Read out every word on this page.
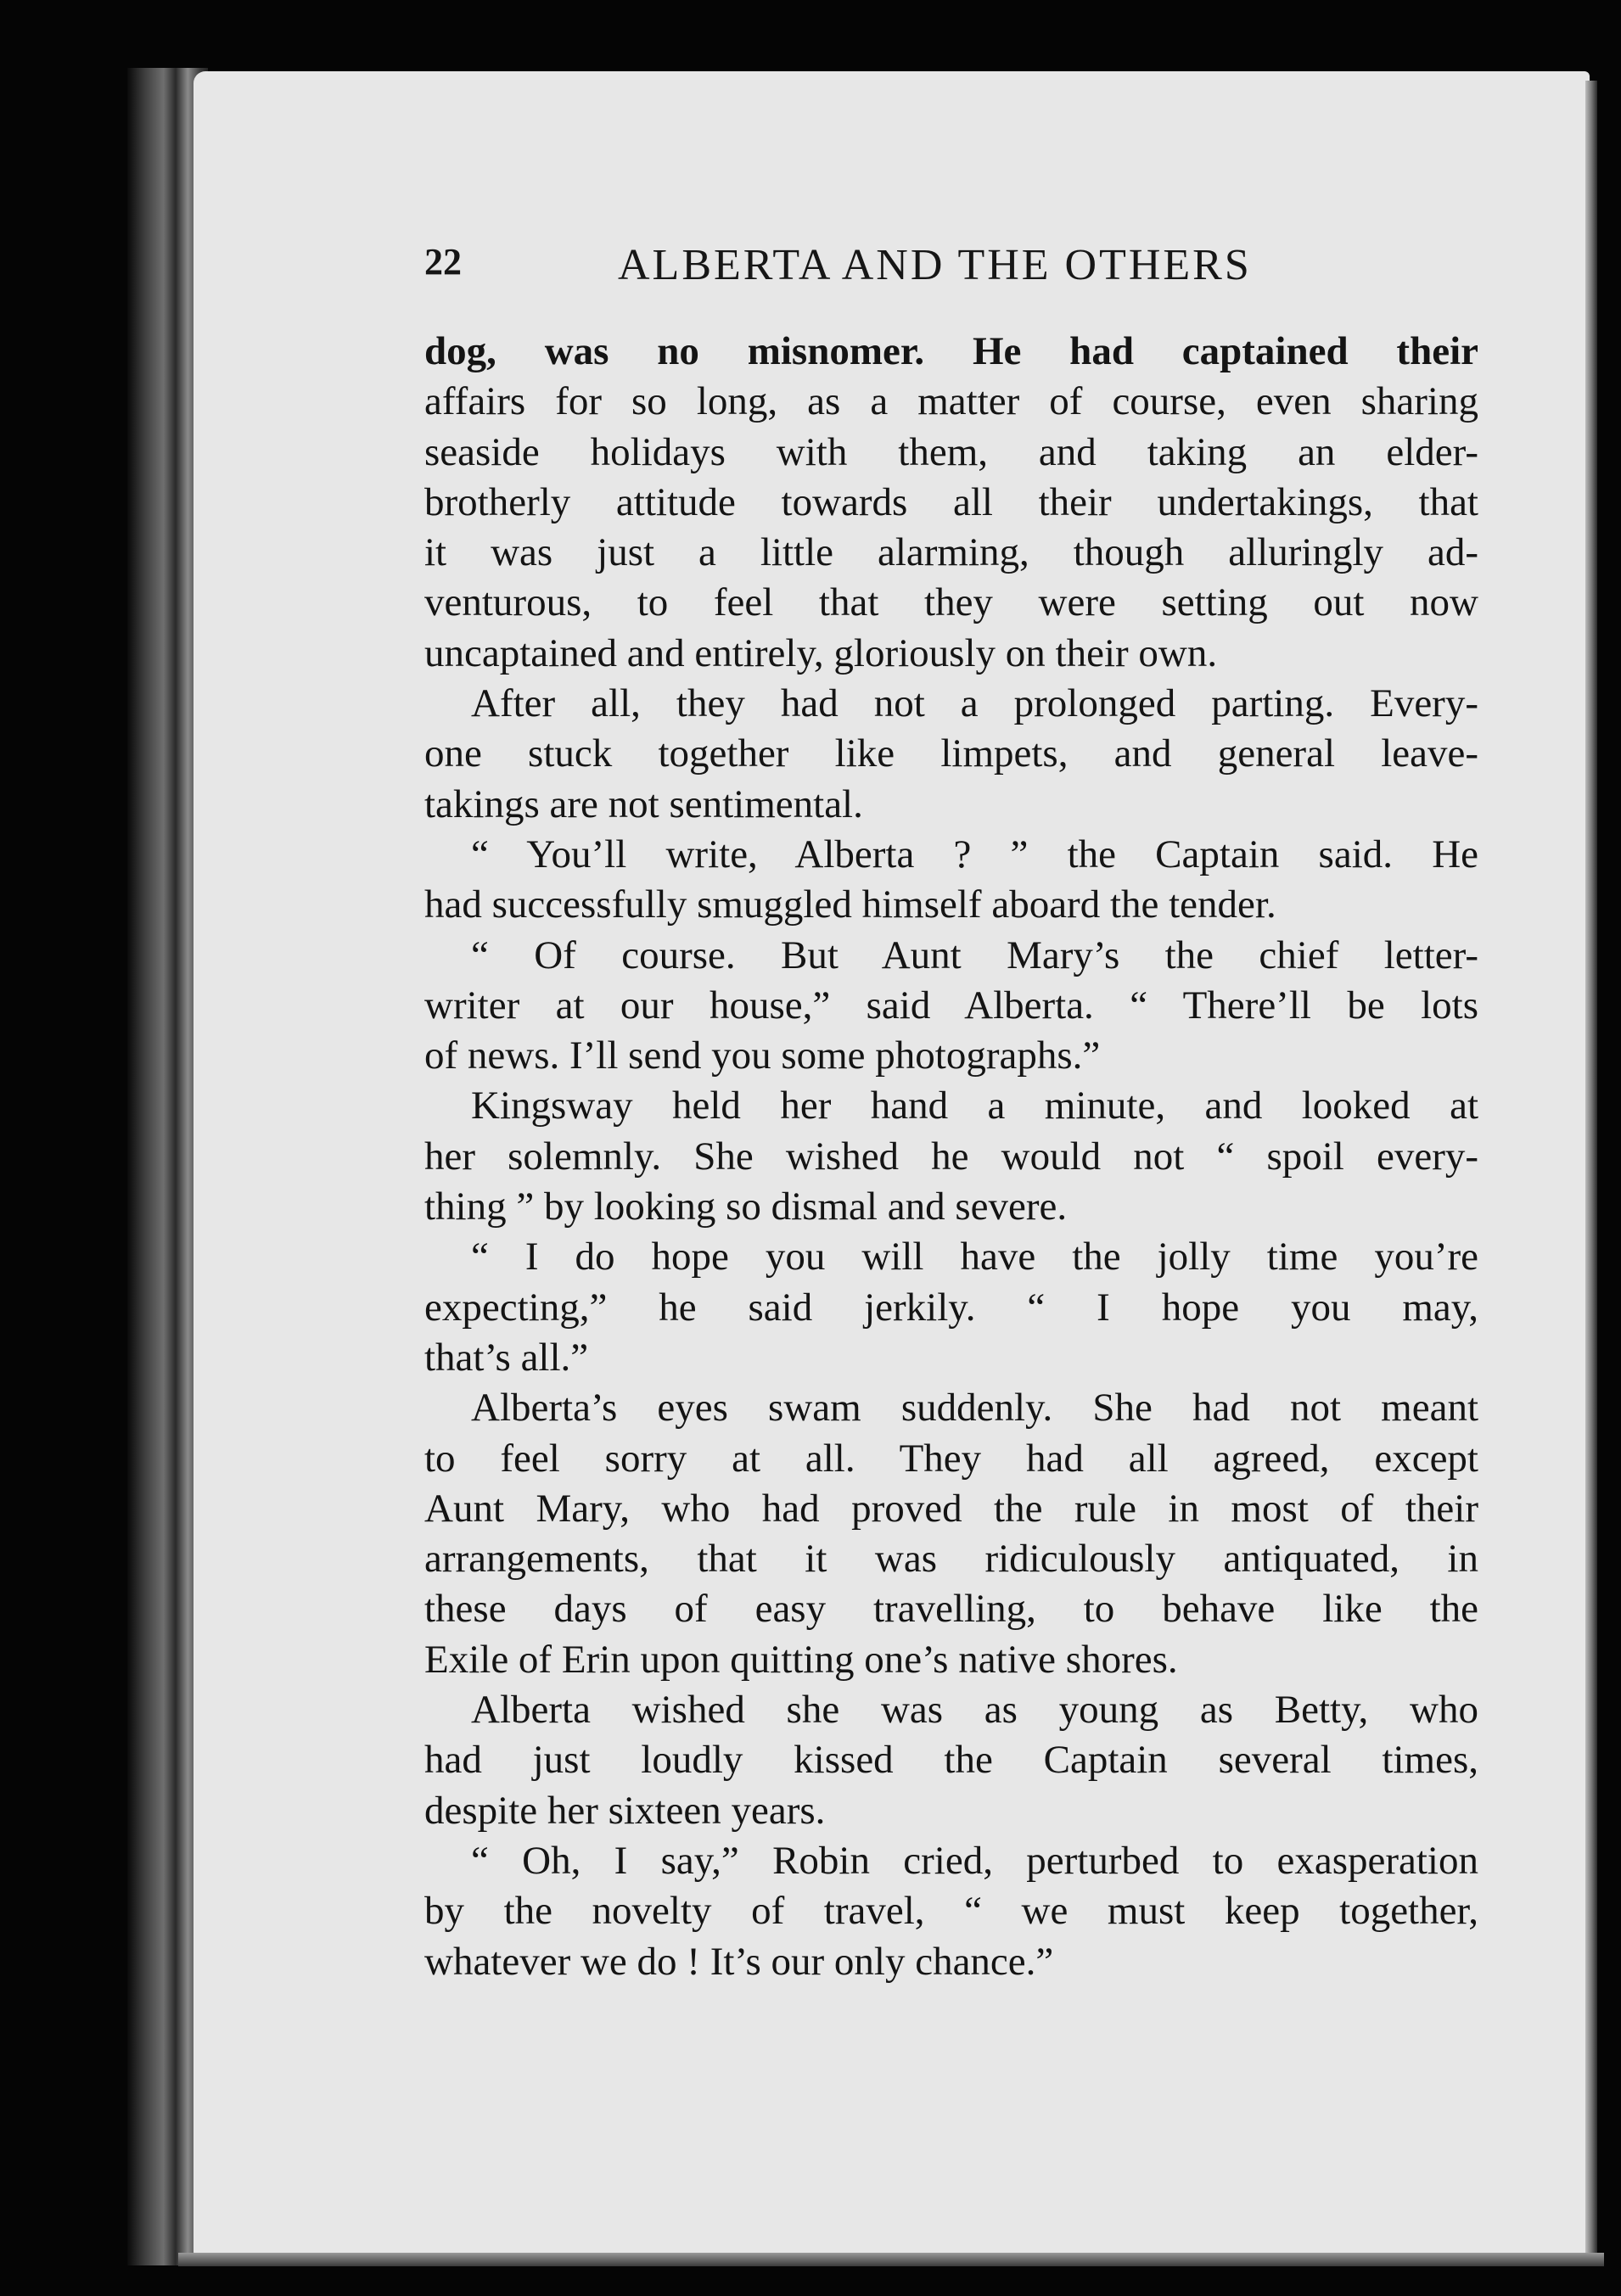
22	ALBERTA AND THE OTHERS
dog, was no misnomer. He had captained their
affairs for so long, as a matter of course, even sharing
seaside holidays with them, and taking an elder-
brotherly attitude towards all their undertakings, that
it was just a little alarming, though alluringly ad-
venturous, to feel that they were setting out now
uncaptained and entirely, gloriously on their own.
After all, they had not a prolonged parting. Every-
one stuck together like limpets, and general leave-
takings are not sentimental.
“ You’ll write, Alberta ? ” the Captain said. He
had successfully smuggled himself aboard the tender.
“ Of course. But Aunt Mary’s the chief letter-
writer at our house,” said Alberta. “ There’ll be lots
of news. I’ll send you some photographs.”
Kingsway held her hand a minute, and looked at
her solemnly. She wished he would not “ spoil every-
thing ” by looking so dismal and severe.
“ I do hope you will have the jolly time you’re
expecting,” he said jerkily. “ I hope you may,
that’s all.”
Alberta’s eyes swam suddenly. She had not meant
to feel sorry at all. They had all agreed, except
Aunt Mary, who had proved the rule in most of their
arrangements, that it was ridiculously antiquated, in
these days of easy travelling, to behave like the
Exile of Erin upon quitting one’s native shores.
Alberta wished she was as young as Betty, who
had just loudly kissed the Captain several times,
despite her sixteen years.
“ Oh, I say,” Robin cried, perturbed to exasperation
by the novelty of travel, “ we must keep together,
whatever we do ! It’s our only chance.”
